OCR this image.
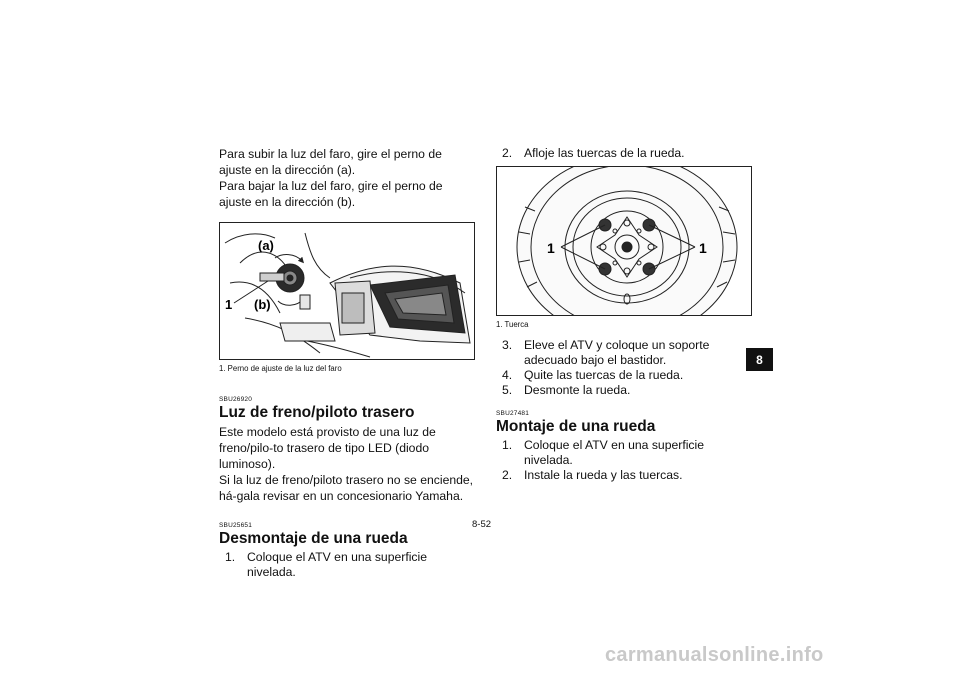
Para subir la luz del faro, gire el perno de ajuste en la dirección (a).

Para bajar la luz del faro, gire el perno de ajuste en la dirección (b).

(a)
(b)
1

1. Perno de ajuste de la luz del faro

SBU26920

Luz de freno/piloto trasero

Este modelo está provisto de una luz de freno/pilo-to trasero de tipo LED (diodo luminoso).

Si la luz de freno/piloto trasero no se enciende, há-gala revisar en un concesionario Yamaha.

SBU25651

Desmontaje de una rueda
1. Coloque el ATV en una superficie nivelada.
2. Afloje las tuercas de la rueda.
1	1

1. Tuerca

3. Eleve el ATV y coloque un soporte adecuado bajo el bastidor.
4. Quite las tuercas de la rueda.
5. Desmonte la rueda.

SBU27481

Montaje de una rueda
1. Coloque el ATV en una superficie nivelada.
2. Instale la rueda y las tuercas.
8
8-52
carmanualsonline.info
